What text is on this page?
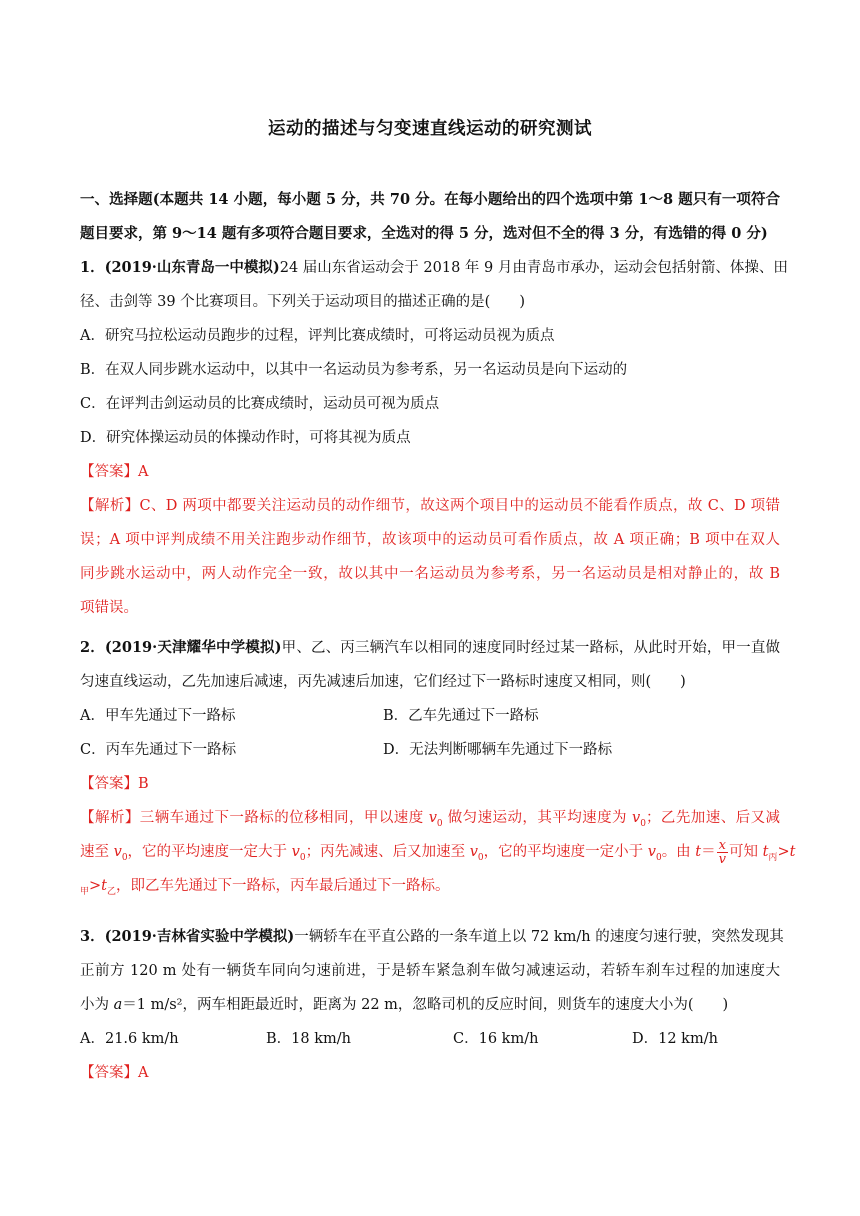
运动的描述与匀变速直线运动的研究测试
一、选择题(本题共 14 小题，每小题 5 分，共 70 分。在每小题给出的四个选项中第 1～8 题只有一项符合
题目要求，第 9～14 题有多项符合题目要求，全选对的得 5 分，选对但不全的得 3 分，有选错的得 0 分)
1．(2019·山东青岛一中模拟)24 届山东省运动会于 2018 年 9 月由青岛市承办，运动会包括射箭、体操、田
径、击剑等 39 个比赛项目。下列关于运动项目的描述正确的是(　　)
A．研究马拉松运动员跑步的过程，评判比赛成绩时，可将运动员视为质点
B．在双人同步跳水运动中，以其中一名运动员为参考系，另一名运动员是向下运动的
C．在评判击剑运动员的比赛成绩时，运动员可视为质点
D．研究体操运动员的体操动作时，可将其视为质点
【答案】A
【解析】C、D 两项中都要关注运动员的动作细节，故这两个项目中的运动员不能看作质点，故 C、D 项错
误；A 项中评判成绩不用关注跑步动作细节，故该项中的运动员可看作质点，故 A 项正确；B 项中在双人
同步跳水运动中，两人动作完全一致，故以其中一名运动员为参考系，另一名运动员是相对静止的，故 B
项错误。
2．(2019·天津耀华中学模拟)甲、乙、丙三辆汽车以相同的速度同时经过某一路标，从此时开始，甲一直做
匀速直线运动，乙先加速后减速，丙先减速后加速，它们经过下一路标时速度又相同，则(　　)
A．甲车先通过下一路标	B．乙车先通过下一路标
C．丙车先通过下一路标	D．无法判断哪辆车先通过下一路标
【答案】B
【解析】三辆车通过下一路标的位移相同，甲以速度 $v_0$ 做匀速运动，其平均速度为 $v_0$；乙先加速、后又减
速至 $v_0$，它的平均速度一定大于 $v_0$；丙先减速、后又加速至 $v_0$，它的平均速度一定小于 $v_0$。由 $t= \frac{x}{v}$ 可知 $t_丙>t$
$_甲>t_乙$，即乙车先通过下一路标，丙车最后通过下一路标。
3．(2019·吉林省实验中学模拟)一辆轿车在平直公路的一条车道上以 72 km/h 的速度匀速行驶，突然发现其
正前方 120 m 处有一辆货车同向匀速前进，于是轿车紧急刹车做匀减速运动，若轿车刹车过程的加速度大
小为 a＝1 m/s²，两车相距最近时，距离为 22 m，忽略司机的反应时间，则货车的速度大小为(　　)
A．21.6 km/h	B．18 km/h	C．16 km/h	D．12 km/h
【答案】A
